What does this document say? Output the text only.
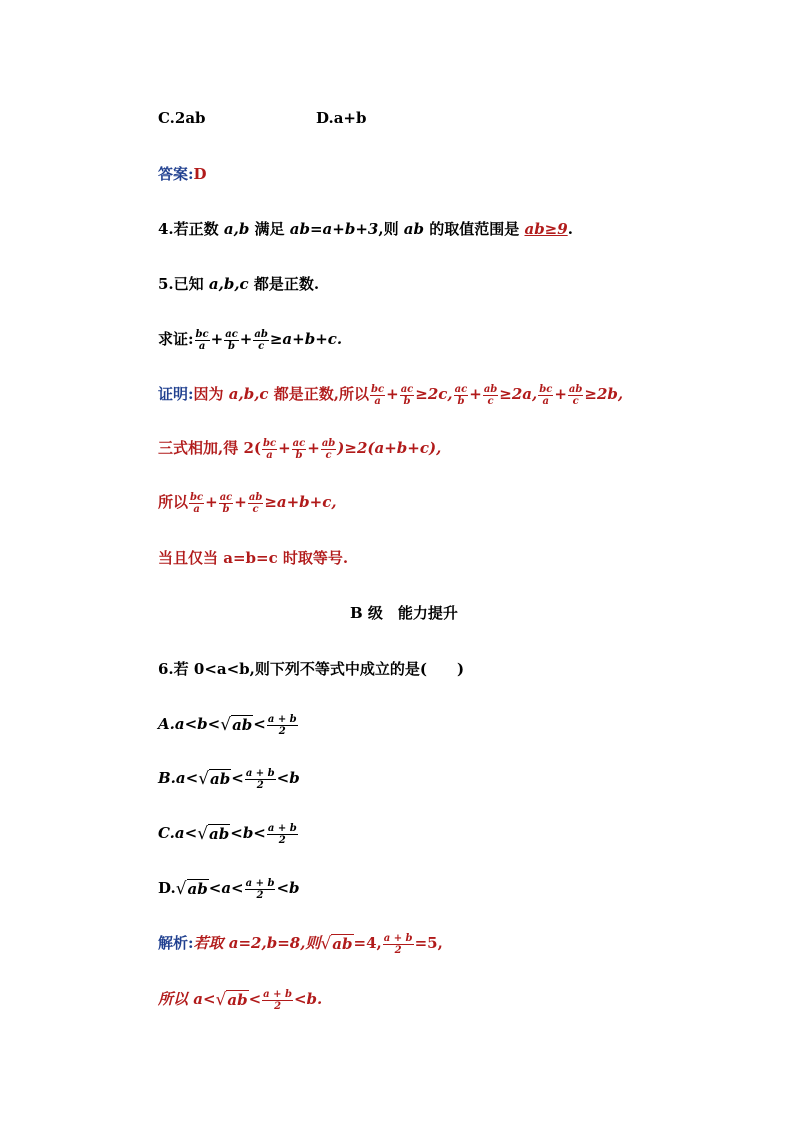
C.2ab	D.a+b
答案:D
4.若正数 a,b 满足 ab=a+b+3,则 ab 的取值范围是 ab≥9.
5.已知 a,b,c 都是正数.
求证: $\frac{bc}{a} + \frac{ac}{b} + \frac{ab}{c} \ge a+b+c$.
证明:因为 a,b,c 都是正数,所以 $\frac{bc}{a} + \frac{ac}{b} \ge 2c$, $\frac{ac}{b} + \frac{ab}{c} \ge 2a$, $\frac{bc}{a} + \frac{ab}{c} \ge 2b$,
三式相加,得 $2( \frac{bc}{a} + \frac{ac}{b} + \frac{ab}{c} )\ge 2(a+b+c)$,
所以 $\frac{bc}{a} + \frac{ac}{b} + \frac{ab}{c} \ge a+b+c$,
当且仅当 a=b=c 时取等号.
B 级　能力提升
6.若 0<a<b,则下列不等式中成立的是(　　)
$A.a<b<√ab< \frac{a + b}{2}$
$B.a<√ab< \frac{a + b}{2} <b$
$C.a<√ab<b< \frac{a + b}{2}$
$D.√ab<a< \frac{a + b}{2} <b$
解析:若取 a=2,b=8,则√ab=4, $\frac{a + b}{2} =5$,
所以 $a<√ab< \frac{a + b}{2} <b$.
